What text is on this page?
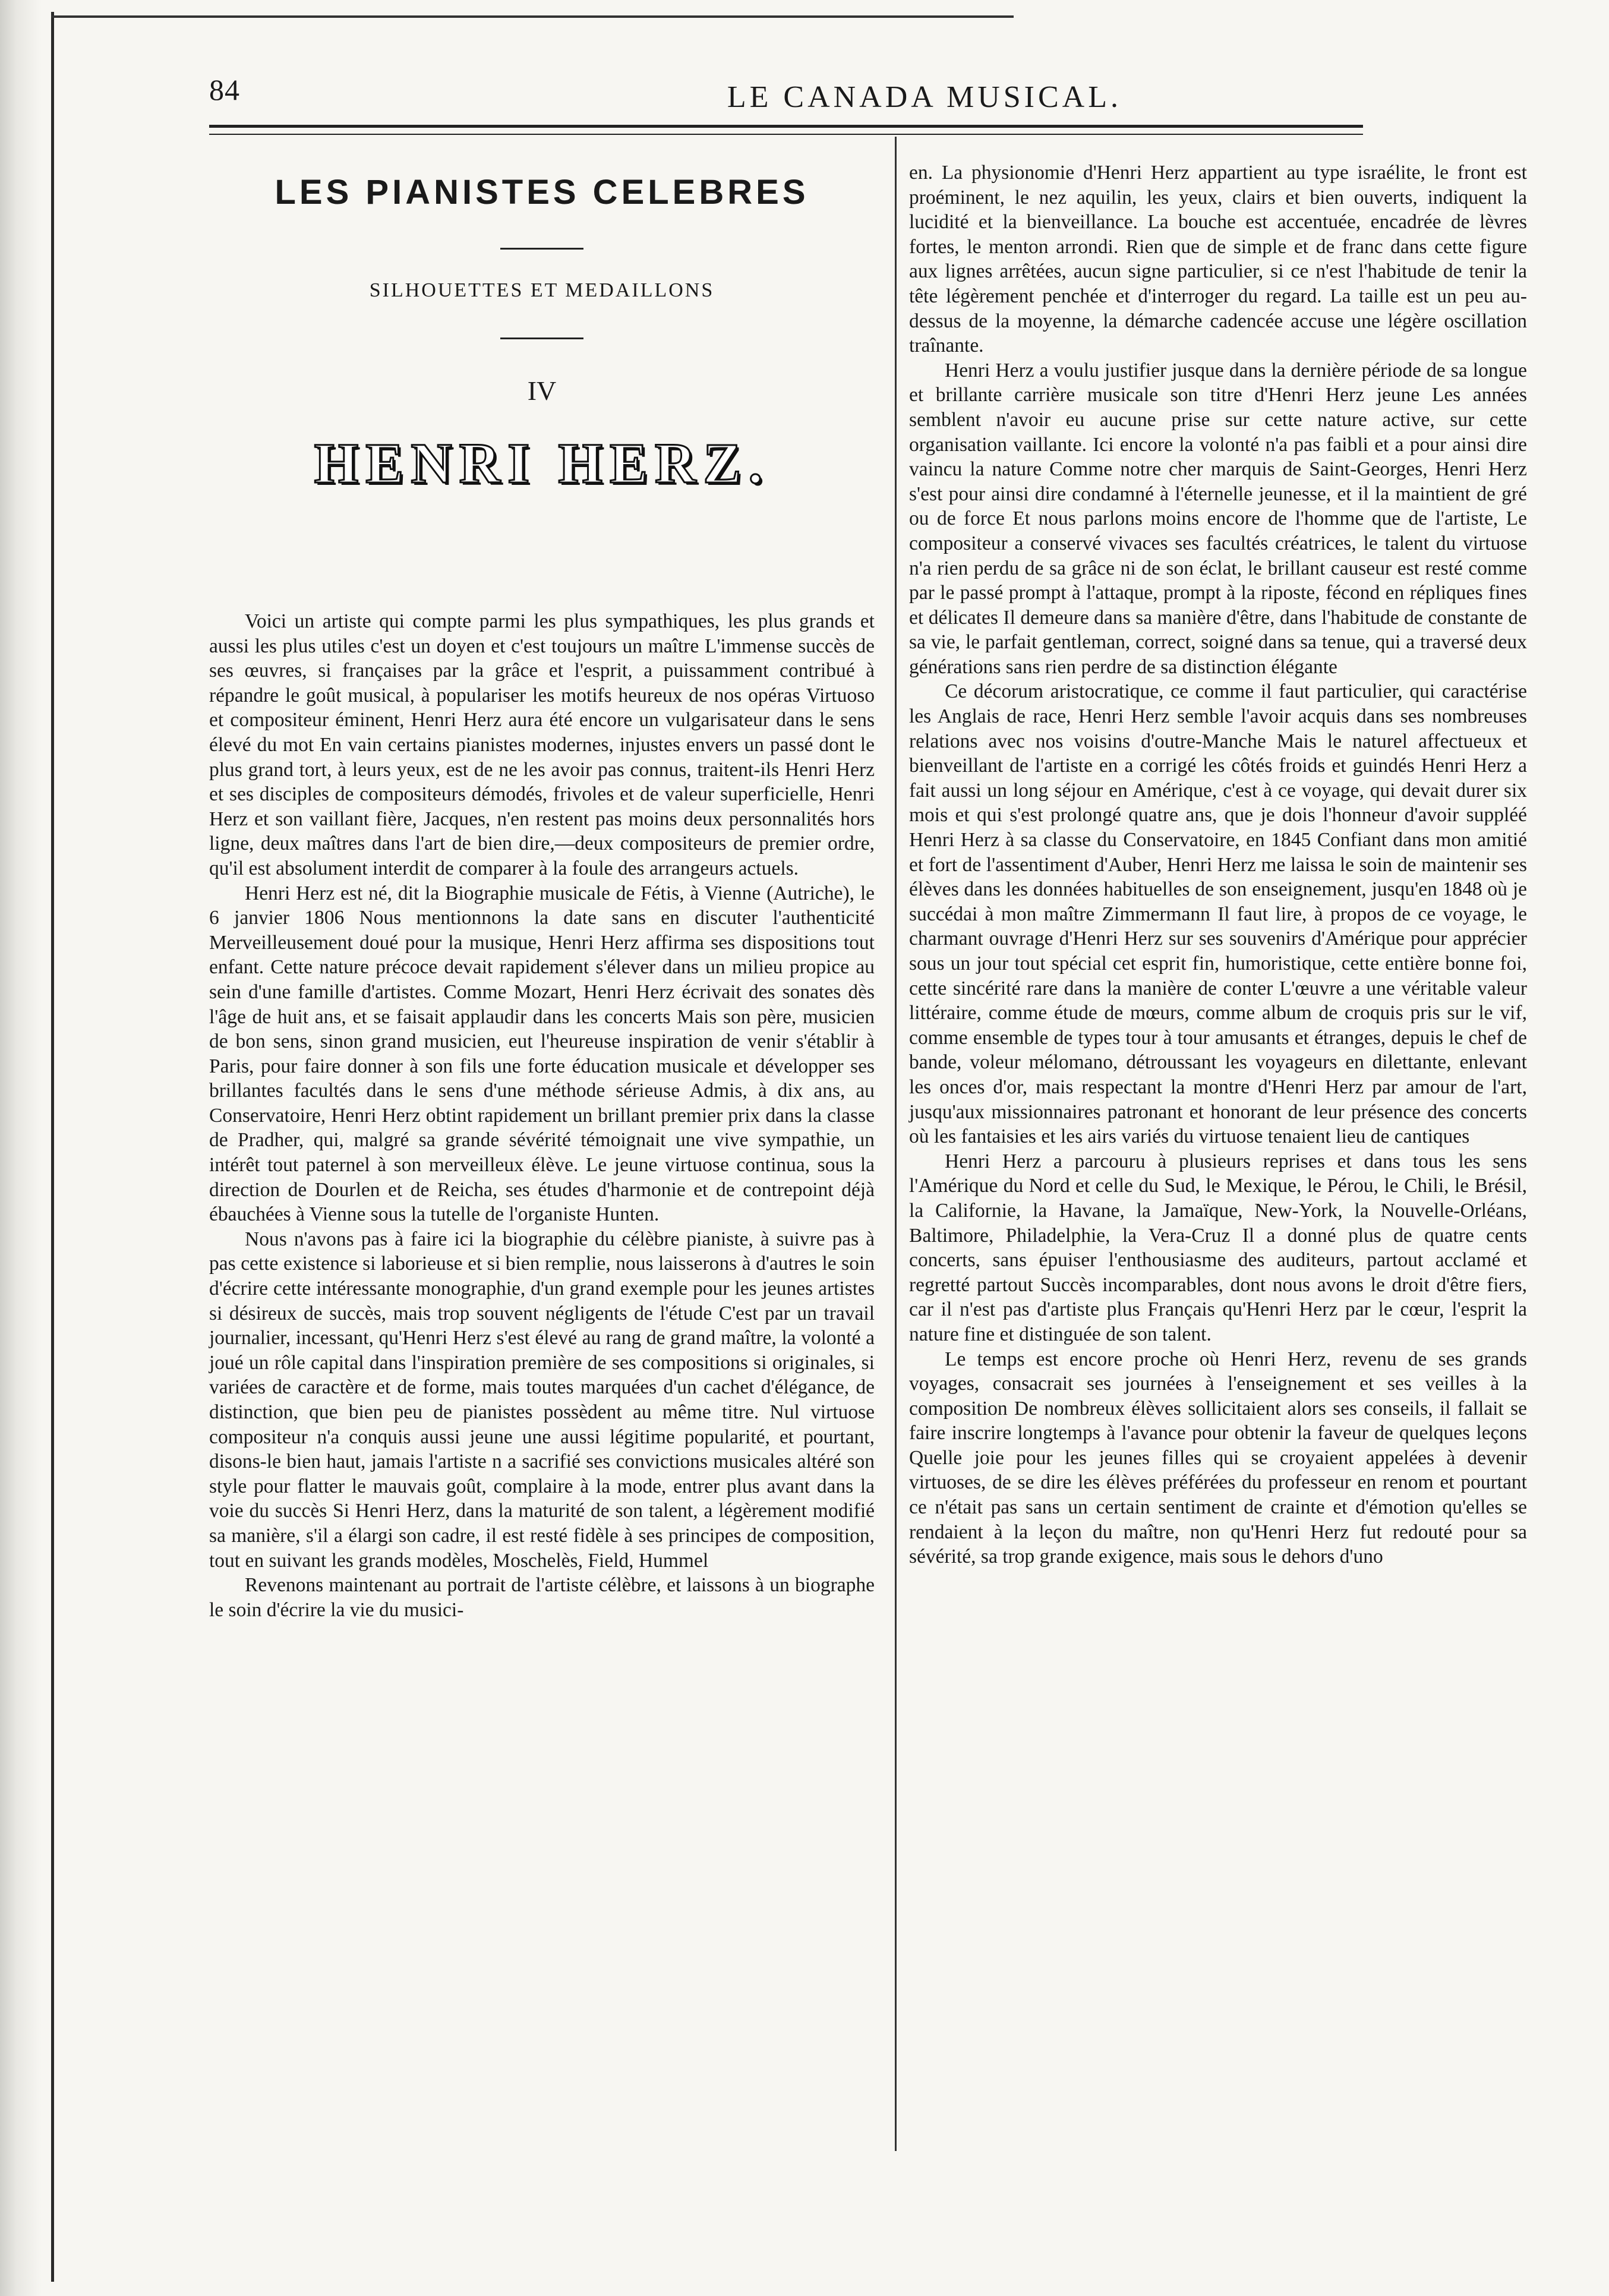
84	LE CANADA MUSICAL.
LES PIANISTES CELEBRES
SILHOUETTES ET MEDAILLONS
IV
HENRI HERZ.

Voici un artiste qui compte parmi les plus sympathiques, les plus grands et aussi les plus utiles c'est un doyen et c'est toujours un maître L'immense succès de ses œuvres, si françaises par la grâce et l'esprit, a puissamment contribué à répandre le goût musical, à populariser les motifs heureux de nos opéras Virtuoso et compositeur éminent, Henri Herz aura été encore un vulgarisateur dans le sens élevé du mot En vain certains pianistes modernes, injustes envers un passé dont le plus grand tort, à leurs yeux, est de ne les avoir pas connus, traitent-ils Henri Herz et ses disciples de compositeurs démodés, frivoles et de valeur superficielle, Henri Herz et son vaillant fière, Jacques, n'en restent pas moins deux personnalités hors ligne, deux maîtres dans l'art de bien dire,—deux compositeurs de premier ordre, qu'il est absolument interdit de comparer à la foule des arrangeurs actuels.

Henri Herz est né, dit la Biographie musicale de Fétis, à Vienne (Autriche), le 6 janvier 1806 Nous mentionnons la date sans en discuter l'authenticité Merveilleusement doué pour la musique, Henri Herz affirma ses dispositions tout enfant. Cette nature précoce devait rapidement s'élever dans un milieu propice au sein d'une famille d'artistes. Comme Mozart, Henri Herz écrivait des sonates dès l'âge de huit ans, et se faisait applaudir dans les concerts Mais son père, musicien de bon sens, sinon grand musicien, eut l'heureuse inspiration de venir s'établir à Paris, pour faire donner à son fils une forte éducation musicale et développer ses brillantes facultés dans le sens d'une méthode sérieuse Admis, à dix ans, au Conservatoire, Henri Herz obtint rapidement un brillant premier prix dans la classe de Pradher, qui, malgré sa grande sévérité témoignait une vive sympathie, un intérêt tout paternel à son merveilleux élève. Le jeune virtuose continua, sous la direction de Dourlen et de Reicha, ses études d'harmonie et de contrepoint déjà ébauchées à Vienne sous la tutelle de l'organiste Hunten.

Nous n'avons pas à faire ici la biographie du célèbre pianiste, à suivre pas à pas cette existence si laborieuse et si bien remplie, nous laisserons à d'autres le soin d'écrire cette intéressante monographie, d'un grand exemple pour les jeunes artistes si désireux de succès, mais trop souvent négligents de l'étude C'est par un travail journalier, incessant, qu'Henri Herz s'est élevé au rang de grand maître, la volonté a joué un rôle capital dans l'inspiration première de ses compositions si originales, si variées de caractère et de forme, mais toutes marquées d'un cachet d'élégance, de distinction, que bien peu de pianistes possèdent au même titre. Nul virtuose compositeur n'a conquis aussi jeune une aussi légitime popularité, et pourtant, disons-le bien haut, jamais l'artiste n a sacrifié ses convictions musicales altéré son style pour flatter le mauvais goût, complaire à la mode, entrer plus avant dans la voie du succès Si Henri Herz, dans la maturité de son talent, a légèrement modifié sa manière, s'il a élargi son cadre, il est resté fidèle à ses principes de composition, tout en suivant les grands modèles, Moschelès, Field, Hummel

Revenons maintenant au portrait de l'artiste célèbre, et laissons à un biographe le soin d'écrire la vie du musici-

en. La physionomie d'Henri Herz appartient au type israélite, le front est proéminent, le nez aquilin, les yeux, clairs et bien ouverts, indiquent la lucidité et la bienveillance. La bouche est accentuée, encadrée de lèvres fortes, le menton arrondi. Rien que de simple et de franc dans cette figure aux lignes arrêtées, aucun signe particulier, si ce n'est l'habitude de tenir la tête légèrement penchée et d'interroger du regard. La taille est un peu au-dessus de la moyenne, la démarche cadencée accuse une légère oscillation traînante.

Henri Herz a voulu justifier jusque dans la dernière période de sa longue et brillante carrière musicale son titre d'Henri Herz jeune Les années semblent n'avoir eu aucune prise sur cette nature active, sur cette organisation vaillante. Ici encore la volonté n'a pas faibli et a pour ainsi dire vaincu la nature Comme notre cher marquis de Saint-Georges, Henri Herz s'est pour ainsi dire condamné à l'éternelle jeunesse, et il la maintient de gré ou de force Et nous parlons moins encore de l'homme que de l'artiste, Le compositeur a conservé vivaces ses facultés créatrices, le talent du virtuose n'a rien perdu de sa grâce ni de son éclat, le brillant causeur est resté comme par le passé prompt à l'attaque, prompt à la riposte, fécond en répliques fines et délicates Il demeure dans sa manière d'être, dans l'habitude de constante de sa vie, le parfait gentleman, correct, soigné dans sa tenue, qui a traversé deux générations sans rien perdre de sa distinction élégante

Ce décorum aristocratique, ce comme il faut particulier, qui caractérise les Anglais de race, Henri Herz semble l'avoir acquis dans ses nombreuses relations avec nos voisins d'outre-Manche Mais le naturel affectueux et bienveillant de l'artiste en a corrigé les côtés froids et guindés Henri Herz a fait aussi un long séjour en Amérique, c'est à ce voyage, qui devait durer six mois et qui s'est prolongé quatre ans, que je dois l'honneur d'avoir suppléé Henri Herz à sa classe du Conservatoire, en 1845 Confiant dans mon amitié et fort de l'assentiment d'Auber, Henri Herz me laissa le soin de maintenir ses élèves dans les données habituelles de son enseignement, jusqu'en 1848 où je succédai à mon maître Zimmermann Il faut lire, à propos de ce voyage, le charmant ouvrage d'Henri Herz sur ses souvenirs d'Amérique pour apprécier sous un jour tout spécial cet esprit fin, humoristique, cette entière bonne foi, cette sincérité rare dans la manière de conter L'œuvre a une véritable valeur littéraire, comme étude de mœurs, comme album de croquis pris sur le vif, comme ensemble de types tour à tour amusants et étranges, depuis le chef de bande, voleur mélomano, détroussant les voyageurs en dilettante, enlevant les onces d'or, mais respectant la montre d'Henri Herz par amour de l'art, jusqu'aux missionnaires patronant et honorant de leur présence des concerts où les fantaisies et les airs variés du virtuose tenaient lieu de cantiques

Henri Herz a parcouru à plusieurs reprises et dans tous les sens l'Amérique du Nord et celle du Sud, le Mexique, le Pérou, le Chili, le Brésil, la Californie, la Havane, la Jamaïque, New-York, la Nouvelle-Orléans, Baltimore, Philadelphie, la Vera-Cruz Il a donné plus de quatre cents concerts, sans épuiser l'enthousiasme des auditeurs, partout acclamé et regretté partout Succès incomparables, dont nous avons le droit d'être fiers, car il n'est pas d'artiste plus Français qu'Henri Herz par le cœur, l'esprit la nature fine et distinguée de son talent.

Le temps est encore proche où Henri Herz, revenu de ses grands voyages, consacrait ses journées à l'enseignement et ses veilles à la composition De nombreux élèves sollicitaient alors ses conseils, il fallait se faire inscrire longtemps à l'avance pour obtenir la faveur de quelques leçons Quelle joie pour les jeunes filles qui se croyaient appelées à devenir virtuoses, de se dire les élèves préférées du professeur en renom et pourtant ce n'était pas sans un certain sentiment de crainte et d'émotion qu'elles se rendaient à la leçon du maître, non qu'Henri Herz fut redouté pour sa sévérité, sa trop grande exigence, mais sous le dehors d'uno
